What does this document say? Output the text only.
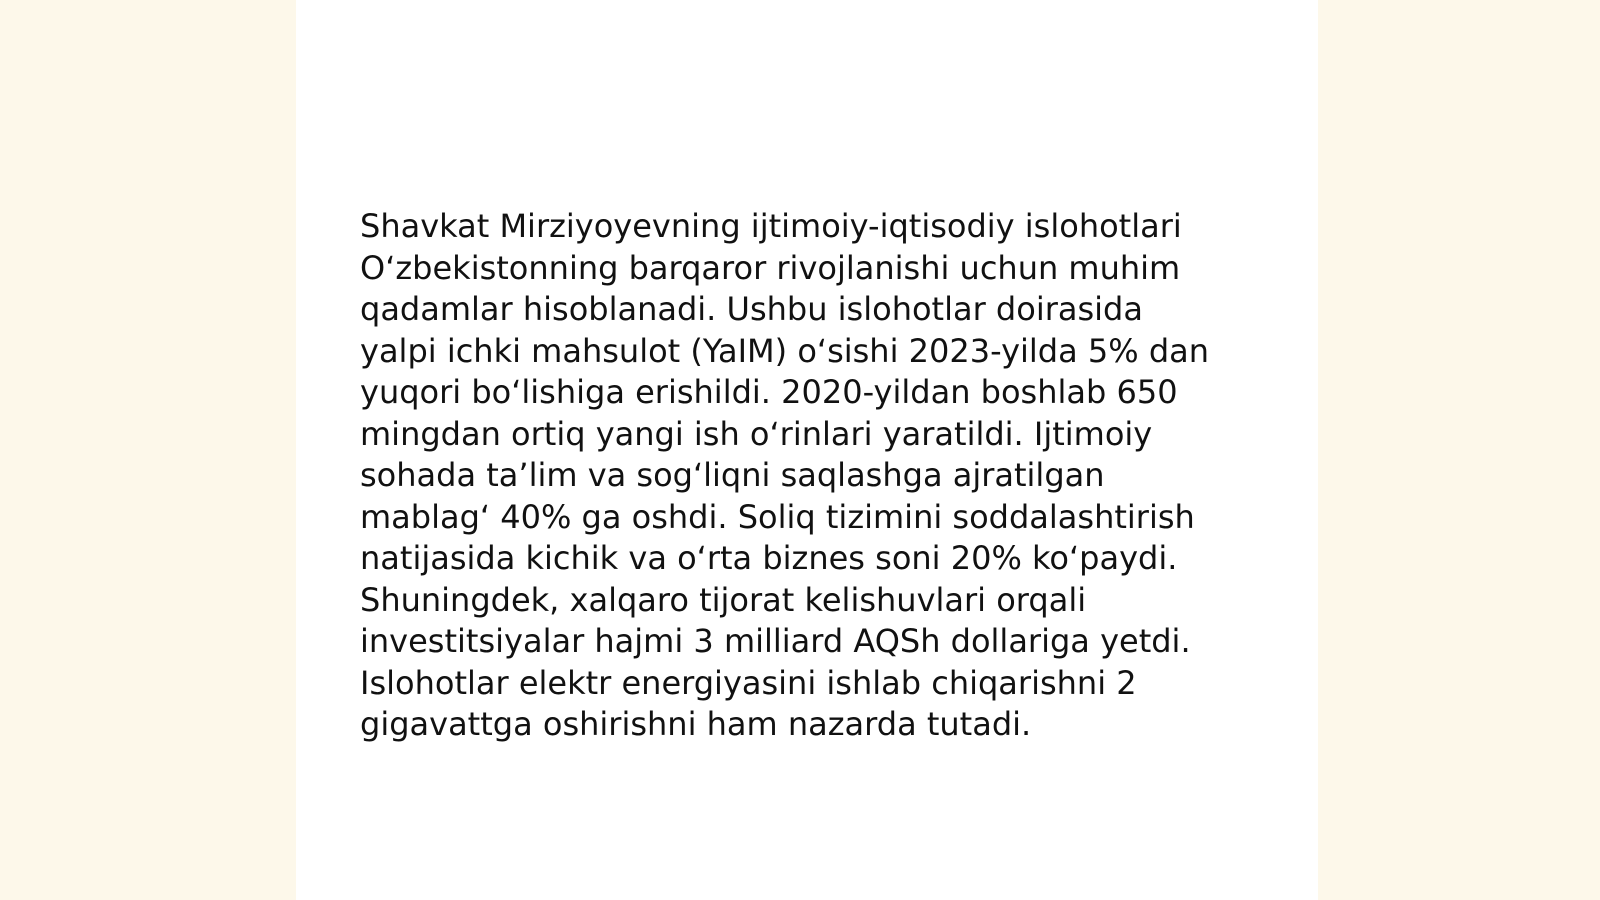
Shavkat Mirziyoyevning ijtimoiy-iqtisodiy islohotlari
O‘zbekistonning barqaror rivojlanishi uchun muhim
qadamlar hisoblanadi. Ushbu islohotlar doirasida
yalpi ichki mahsulot (YaIM) o‘sishi 2023-yilda 5% dan
yuqori bo‘lishiga erishildi. 2020-yildan boshlab 650
mingdan ortiq yangi ish o‘rinlari yaratildi. Ijtimoiy
sohada ta’lim va sog‘liqni saqlashga ajratilgan
mablag‘ 40% ga oshdi. Soliq tizimini soddalashtirish
natijasida kichik va o‘rta biznes soni 20% ko‘paydi.
Shuningdek, xalqaro tijorat kelishuvlari orqali
investitsiyalar hajmi 3 milliard AQSh dollariga yetdi.
Islohotlar elektr energiyasini ishlab chiqarishni 2
gigavattga oshirishni ham nazarda tutadi.
